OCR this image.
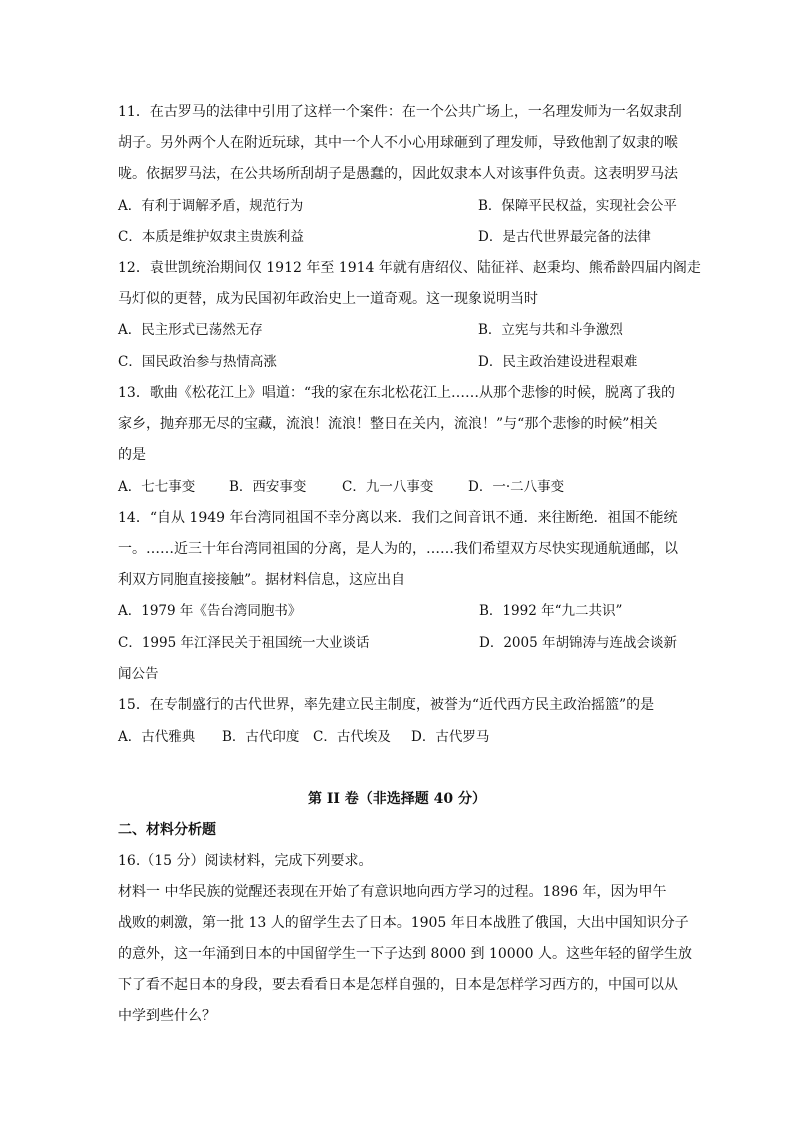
11．在古罗马的法律中引用了这样一个案件：在一个公共广场上，一名理发师为一名奴隶刮
胡子。另外两个人在附近玩球，其中一个人不小心用球砸到了理发师，导致他割了奴隶的喉
咙。依据罗马法，在公共场所刮胡子是愚蠢的，因此奴隶本人对该事件负责。这表明罗马法
A．有利于调解矛盾，规范行为	B．保障平民权益，实现社会公平
C．本质是维护奴隶主贵族利益	D．是古代世界最完备的法律
12．袁世凯统治期间仅 1912 年至 1914 年就有唐绍仪、陆征祥、赵秉均、熊希龄四届内阁走
马灯似的更替，成为民国初年政治史上一道奇观。这一现象说明当时
A．民主形式已荡然无存	B．立宪与共和斗争激烈
C．国民政治参与热情高涨	D．民主政治建设进程艰难
13．歌曲《松花江上》唱道：“我的家在东北松花江上……从那个悲惨的时候，脱离了我的
家乡，抛弃那无尽的宝藏，流浪！流浪！整日在关内，流浪！”与“那个悲惨的时候”相关
的是
A．七七事变	B．西安事变	C．九一八事变	D．一·二八事变
14．“自从 1949 年台湾同祖国不幸分离以来．我们之间音讯不通．来往断绝．祖国不能统
一。……近三十年台湾同祖国的分离，是人为的，……我们希望双方尽快实现通航通邮，以
利双方同胞直接接触”。据材料信息，这应出自
A．1979 年《告台湾同胞书》	B．1992 年“九二共识”
C．1995 年江泽民关于祖国统一大业谈话	D．2005 年胡锦涛与连战会谈新
闻公告
15．在专制盛行的古代世界，率先建立民主制度，被誉为“近代西方民主政治摇篮”的是
A．古代雅典 B．古代印度 C．古代埃及 D．古代罗马
第 II 卷（非选择题 40 分）
二、材料分析题
16.（15 分）阅读材料，完成下列要求。
材料一 中华民族的觉醒还表现在开始了有意识地向西方学习的过程。1896 年，因为甲午
战败的刺激，第一批 13 人的留学生去了日本。1905 年日本战胜了俄国，大出中国知识分子
的意外，这一年涌到日本的中国留学生一下子达到 8000 到 10000 人。这些年轻的留学生放
下了看不起日本的身段，要去看看日本是怎样自强的，日本是怎样学习西方的，中国可以从
中学到些什么？
